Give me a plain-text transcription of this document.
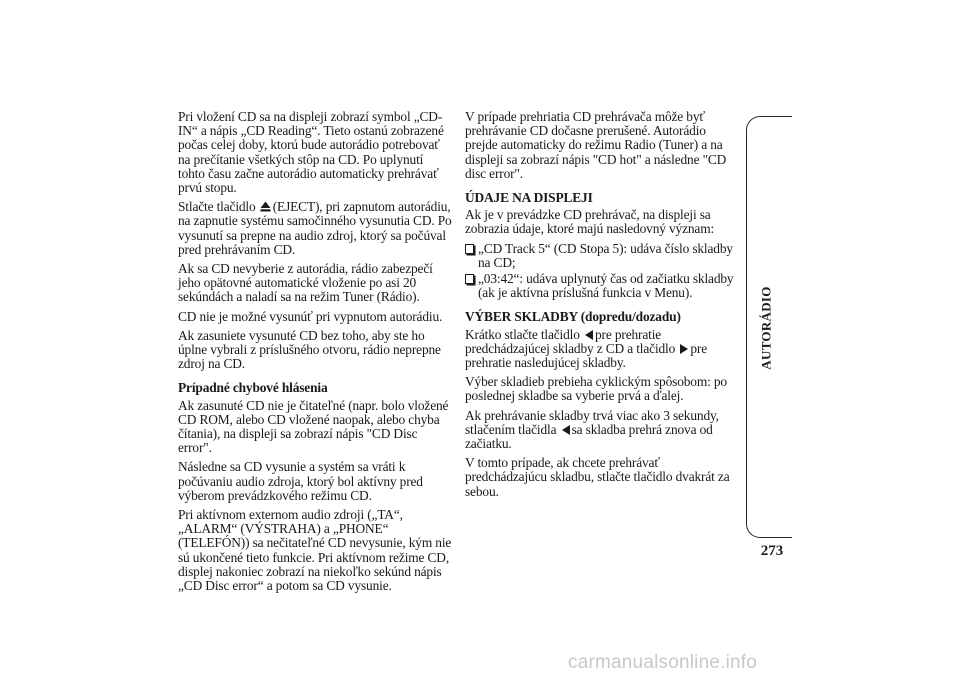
Pri vložení CD sa na displeji zobrazí symbol „CD-IN“ a nápis „CD Reading“. Tieto ostanú zobrazené počas celej doby, ktorú bude autorádio potrebovať na prečítanie všetkých stôp na CD. Po uplynutí tohto času začne autorádio automaticky prehrávať prvú stopu.

Stlačte tlačidlo (EJECT), pri zapnutom autorádiu, na zapnutie systému samočinného vysunutia CD. Po vysunutí sa prepne na audio zdroj, ktorý sa počúval pred prehrávaním CD.

Ak sa CD nevyberie z autorádia, rádio zabezpečí jeho opätovné automatické vloženie po asi 20 sekúndách a naladí sa na režim Tuner (Rádio).

CD nie je možné vysunúť pri vypnutom autorádiu.

Ak zasuniete vysunuté CD bez toho, aby ste ho úplne vybrali z príslušného otvoru, rádio neprepne zdroj na CD.

Prípadné chybové hlásenia

Ak zasunuté CD nie je čitateľné (napr. bolo vložené CD ROM, alebo CD vložené naopak, alebo chyba čítania), na displeji sa zobrazí nápis "CD Disc error".

Následne sa CD vysunie a systém sa vráti k počúvaniu audio zdroja, ktorý bol aktívny pred výberom prevádzkového režimu CD.

Pri aktívnom externom audio zdroji („TA“, „ALARM“ (VÝSTRAHA) a „PHONE“ (TELEFÓN)) sa nečitateľné CD nevysunie, kým nie sú ukončené tieto funkcie. Pri aktívnom režime CD, displej nakoniec zobrazí na niekoľko sekúnd nápis „CD Disc error“ a potom sa CD vysunie.

V prípade prehriatia CD prehrávača môže byť prehrávanie CD dočasne prerušené. Autorádio prejde automaticky do režimu Radio (Tuner) a na displeji sa zobrazí nápis "CD hot" a následne "CD disc error".

ÚDAJE NA DISPLEJI

Ak je v prevádzke CD prehrávač, na displeji sa zobrazia údaje, ktoré majú nasledovný význam:

„CD Track 5“ (CD Stopa 5): udáva číslo skladby na CD;
„03:42“: udáva uplynutý čas od začiatku skladby (ak je aktívna príslušná funkcia v Menu).
VÝBER SKLADBY (dopredu/dozadu)

Krátko stlačte tlačidlo pre prehratie predchádzajúcej skladby z CD a tlačidlo pre prehratie nasledujúcej skladby.

Výber skladieb prebieha cyklickým spôsobom: po poslednej skladbe sa vyberie prvá a ďalej.

Ak prehrávanie skladby trvá viac ako 3 sekundy, stlačením tlačidla sa skladba prehrá znova od začiatku.

V tomto prípade, ak chcete prehrávať predchádzajúcu skladbu, stlačte tlačidlo dvakrát za sebou.

AUTORÁDIO
273
carmanualsonline.info
